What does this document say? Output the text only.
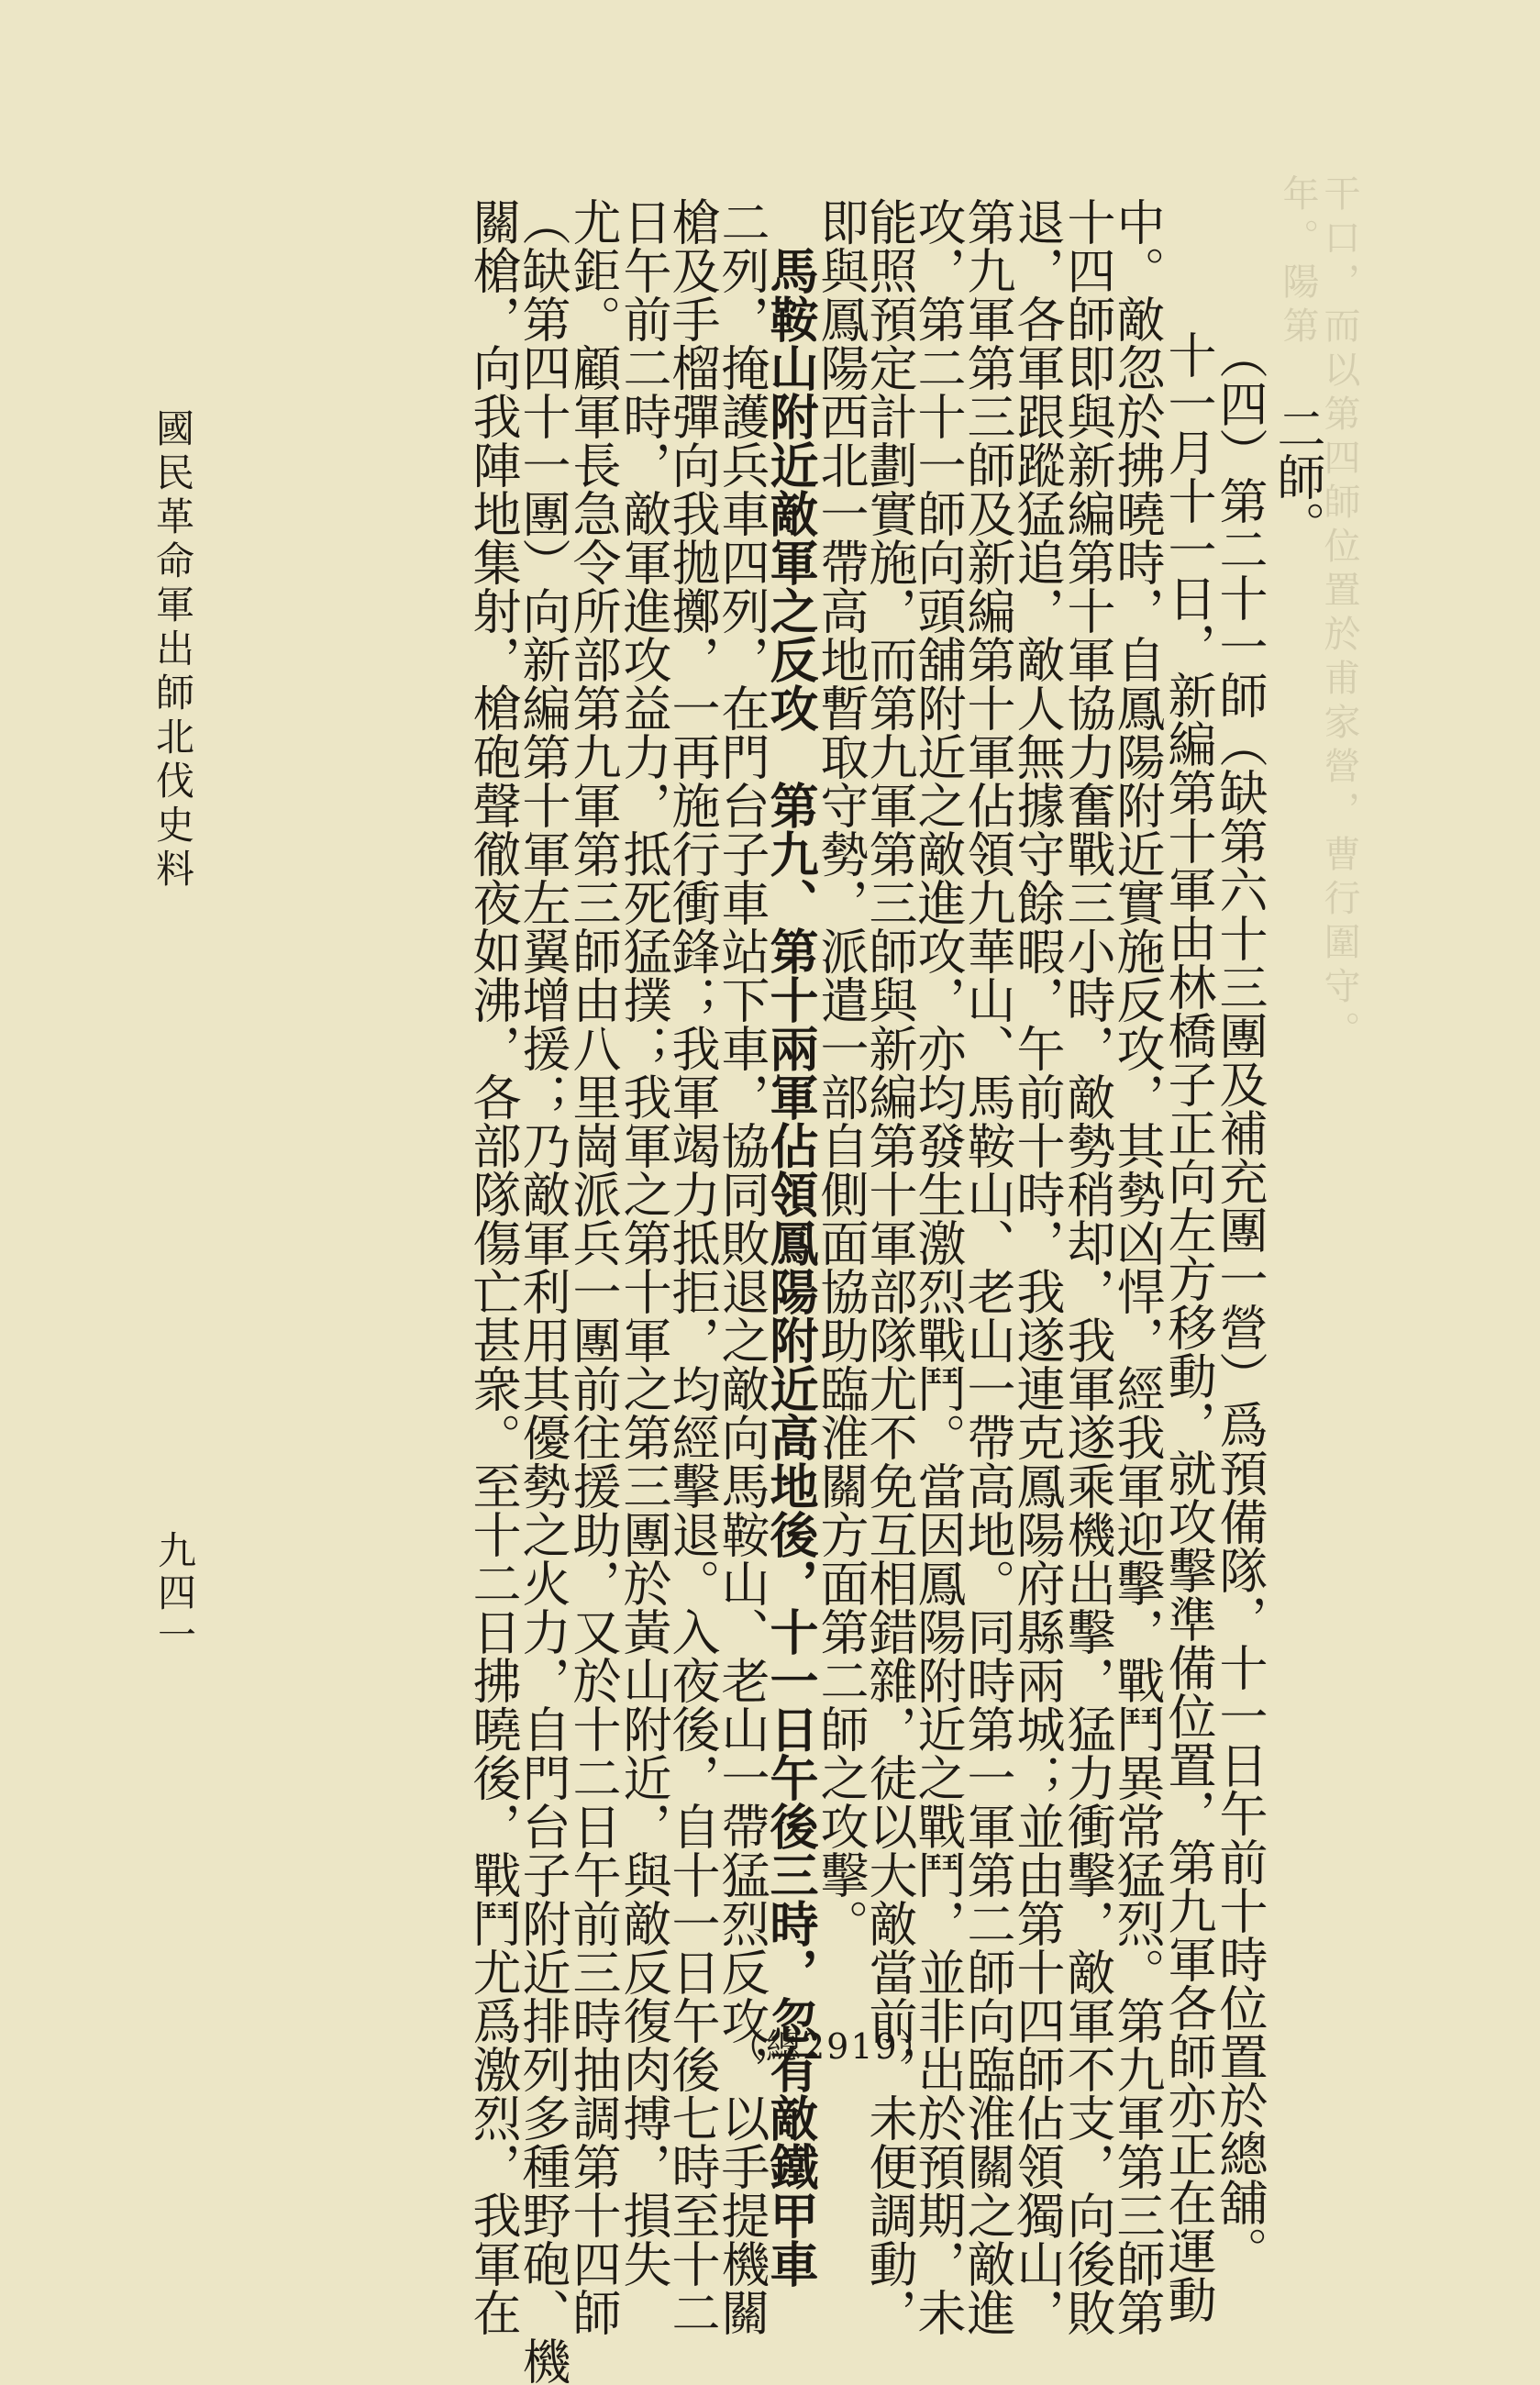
干口，而以第四師位置於甫家營，曹行圍守。
年。陽第
二師。
（四）第二十一師（缺第六十三團及補充團一營）爲預備隊，十一日午前十時位置於總舖。
十一月十一日，新編第十軍由林橋子正向左方移動，就攻擊準備位置，第九軍各師亦正在運動
中。敵忽於拂曉時，自鳳陽附近實施反攻，其勢凶悍，經我軍迎擊，戰鬥異常猛烈。第九軍第三師第
十四師即與新編第十軍協力奮戰三小時，敵勢稍却，我軍遂乘機出擊，猛力衝擊，敵軍不支，向後敗
退，各軍跟蹤猛追，敵人無據守餘暇，午前十時，我遂連克鳳陽府縣兩城；並由第十四師佔領獨山，
第九軍第三師及新編第十軍佔領九華山、馬鞍山、老山一帶高地。同時第一軍第二師向臨淮關之敵進
攻，第二十一師向頭舖附近之敵進攻，亦均發生激烈戰鬥。當因鳳陽附近之戰鬥，並非出於預期，未
能照預定計劃實施，而第九軍第三師與新編第十軍部隊尤不免互相錯雜，徒以大敵當前，未便調動，
即與鳳陽西北一帶高地暫取守勢，派遣一部自側面協助臨淮關方面第二師之攻擊。
　馬鞍山附近敵軍之反攻　第九、第十兩軍佔領鳳陽附近高地後，十一日午後三時，忽有敵鐵甲車
二列，掩護兵車四列，在門台子車站下車，協同敗退之敵向馬鞍山、老山一帶猛烈反攻，以手提機關
槍及手榴彈向我拋擲，一再施行衝鋒；我軍竭力抵拒，均經擊退。入夜後，自十一日午後七時至十二
日午前二時，敵軍進攻益力，抵死猛撲；我軍之第十軍之第三團於黃山附近，與敵反復肉搏，損失
尤鉅。顧軍長急令所部第九軍第三師由八里崗派兵一團前往援助，又於十二日午前三時抽調第十四師
（缺第四十一團）向新編第十軍左翼增援；乃敵軍利用其優勢之火力，自門台子附近排列多種野砲、機
關槍，向我陣地集射，槍砲聲徹夜如沸，各部隊傷亡甚衆。至十二日拂曉後，戰鬥尤爲激烈，我軍在
國民革命軍出師北伐史料
九四一
（總2919）
